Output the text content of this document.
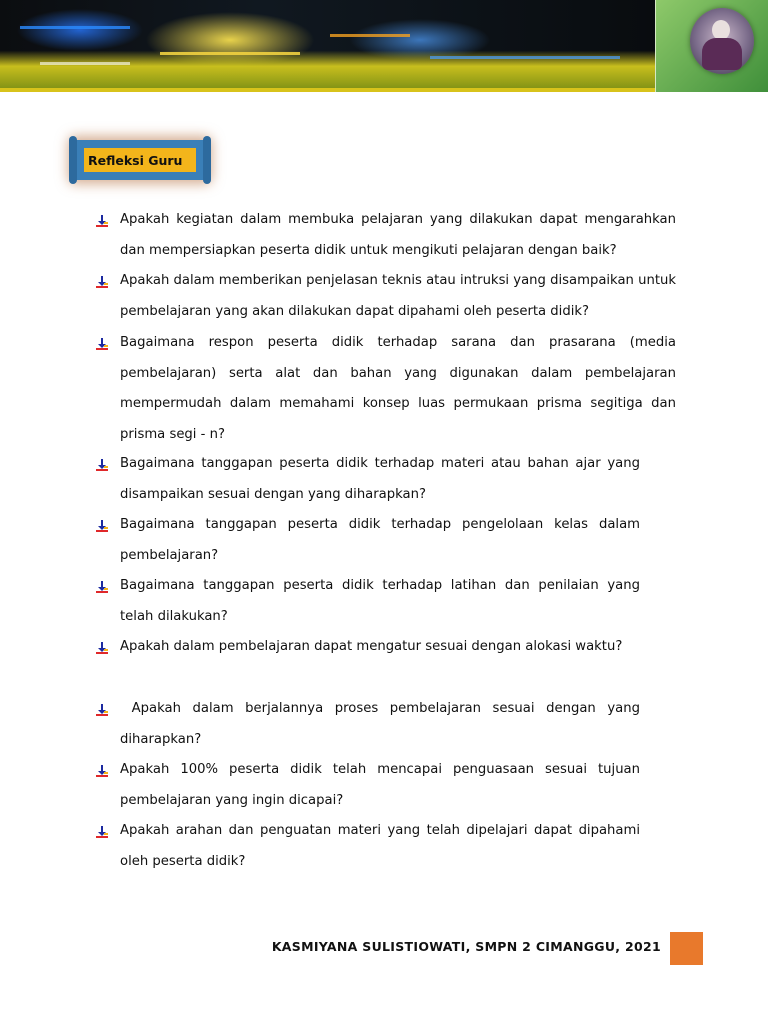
Refleksi Guru
Apakah kegiatan dalam membuka pelajaran yang dilakukan dapat mengarahkan dan mempersiapkan peserta didik untuk mengikuti pelajaran dengan baik?
Apakah dalam memberikan penjelasan teknis atau intruksi yang disampaikan untuk pembelajaran yang akan dilakukan dapat dipahami oleh peserta didik?
Bagaimana respon peserta didik terhadap sarana dan prasarana (media pembelajaran) serta alat dan bahan yang digunakan dalam pembelajaran mempermudah dalam memahami konsep luas permukaan prisma segitiga dan prisma segi - n?
Bagaimana tanggapan peserta didik terhadap materi atau bahan ajar yang disampaikan sesuai dengan yang diharapkan?
Bagaimana tanggapan peserta didik terhadap pengelolaan kelas dalam pembelajaran?
Bagaimana tanggapan peserta didik terhadap latihan dan penilaian yang telah dilakukan?
Apakah dalam pembelajaran dapat mengatur sesuai dengan alokasi waktu?
Apakah dalam berjalannya proses pembelajaran sesuai dengan yang diharapkan?
Apakah 100% peserta didik telah mencapai penguasaan sesuai tujuan pembelajaran yang ingin dicapai?
Apakah arahan dan penguatan materi yang telah dipelajari dapat dipahami oleh peserta didik?
KASMIYANA SULISTIOWATI, SMPN 2 CIMANGGU, 2021
